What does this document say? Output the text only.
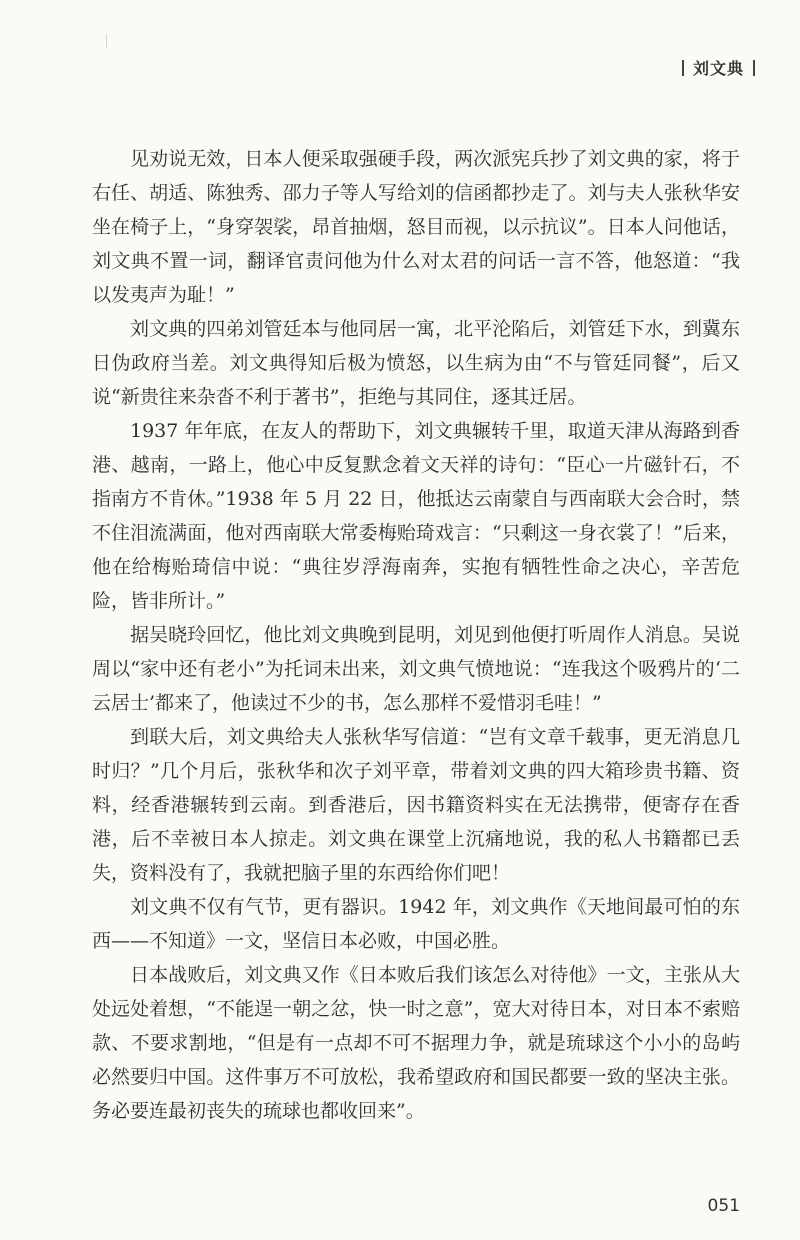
刘文典

见劝说无效，日本人便采取强硬手段，两次派宪兵抄了刘文典的家，将于右任、胡适、陈独秀、邵力子等人写给刘的信函都抄走了。刘与夫人张秋华安坐在椅子上，“身穿袈裟，昂首抽烟，怒目而视，以示抗议”。日本人问他话，刘文典不置一词，翻译官责问他为什么对太君的问话一言不答，他怒道：“我以发夷声为耻！”

刘文典的四弟刘管廷本与他同居一寓，北平沦陷后，刘管廷下水，到冀东日伪政府当差。刘文典得知后极为愤怒，以生病为由“不与管廷同餐”，后又说“新贵往来杂沓不利于著书”，拒绝与其同住，逐其迁居。

1937 年年底，在友人的帮助下，刘文典辗转千里，取道天津从海路到香港、越南，一路上，他心中反复默念着文天祥的诗句：“臣心一片磁针石，不指南方不肯休。”1938 年 5 月 22 日，他抵达云南蒙自与西南联大会合时，禁不住泪流满面，他对西南联大常委梅贻琦戏言：“只剩这一身衣裳了！”后来，他在给梅贻琦信中说：“典往岁浮海南奔，实抱有牺牲性命之决心，辛苦危险，皆非所计。”

据吴晓玲回忆，他比刘文典晚到昆明，刘见到他便打听周作人消息。吴说周以“家中还有老小”为托词未出来，刘文典气愤地说：“连我这个吸鸦片的‘二云居士’都来了，他读过不少的书，怎么那样不爱惜羽毛哇！”

到联大后，刘文典给夫人张秋华写信道：“岂有文章千载事，更无消息几时归？”几个月后，张秋华和次子刘平章，带着刘文典的四大箱珍贵书籍、资料，经香港辗转到云南。到香港后，因书籍资料实在无法携带，便寄存在香港，后不幸被日本人掠走。刘文典在课堂上沉痛地说，我的私人书籍都已丢失，资料没有了，我就把脑子里的东西给你们吧！

刘文典不仅有气节，更有器识。1942 年，刘文典作《天地间最可怕的东西——不知道》一文，坚信日本必败，中国必胜。

日本战败后，刘文典又作《日本败后我们该怎么对待他》一文，主张从大处远处着想，“不能逞一朝之忿，快一时之意”，宽大对待日本，对日本不索赔款、不要求割地，“但是有一点却不可不据理力争，就是琉球这个小小的岛屿必然要归中国。这件事万不可放松，我希望政府和国民都要一致的坚决主张。务必要连最初丧失的琉球也都收回来”。

051
